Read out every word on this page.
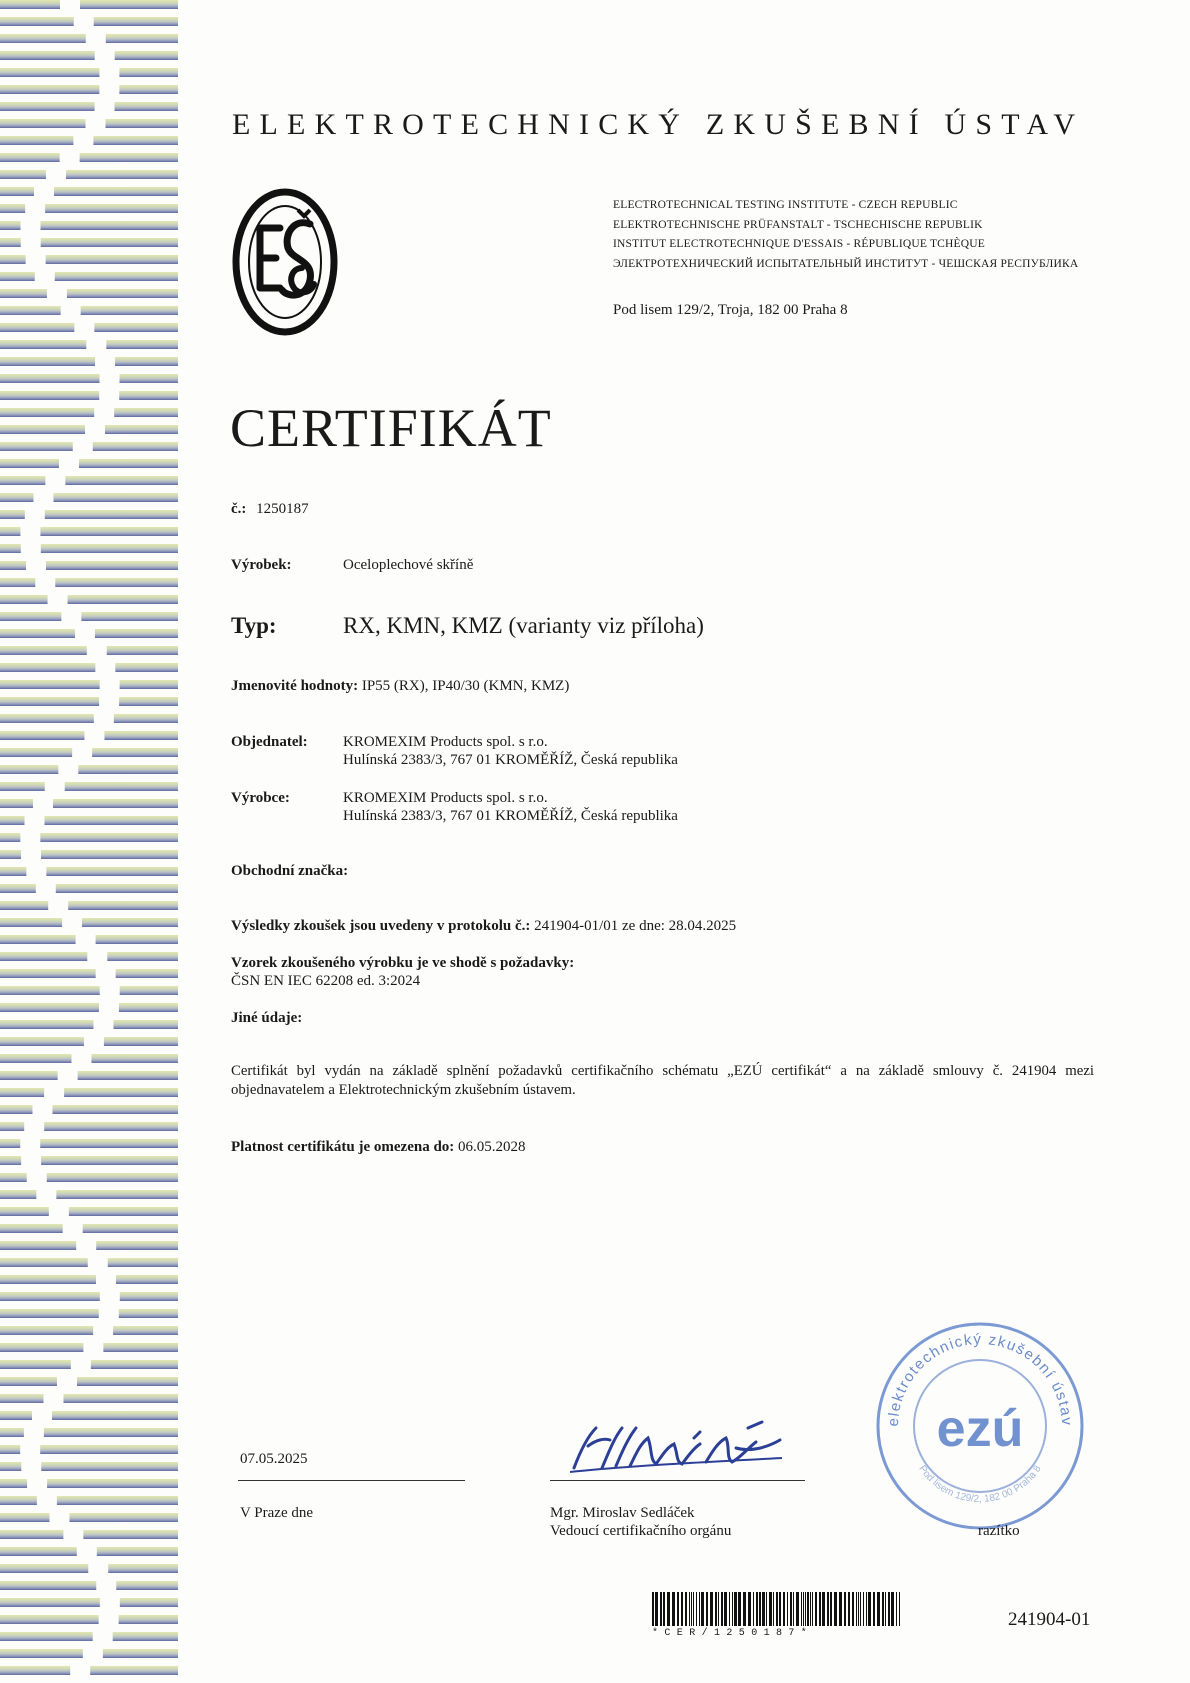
ELEKTROTECHNICKÝ ZKUŠEBNÍ ÚSTAV
ELECTROTECHNICAL TESTING INSTITUTE - CZECH REPUBLIC
ELEKTROTECHNISCHE PRÜFANSTALT - TSCHECHISCHE REPUBLIK
INSTITUT ELECTROTECHNIQUE D'ESSAIS - RÉPUBLIQUE TCHÈQUE
ЭЛЕКТРОТЕХНИЧЕСКИЙ ИСПЫТАТЕЛЬНЫЙ ИНСТИТУТ - ЧЕШСКАЯ РЕСПУБЛИКА
Pod lisem 129/2, Troja, 182 00 Praha 8
CERTIFIKÁT
č.: 1250187
Výrobek:	Oceloplechové skříně
Typ:	RX, KMN, KMZ (varianty viz příloha)
Jmenovité hodnoty: IP55 (RX), IP40/30 (KMN, KMZ)
Objednatel: KROMEXIM Products spol. s r.o.
Hulínská 2383/3, 767 01 KROMĚŘÍŽ, Česká republika
Výrobce:	KROMEXIM Products spol. s r.o.
Hulínská 2383/3, 767 01 KROMĚŘÍŽ, Česká republika
Obchodní značka:
Výsledky zkoušek jsou uvedeny v protokolu č.: 241904-01/01 ze dne: 28.04.2025
Vzorek zkoušeného výrobku je ve shodě s požadavky:
ČSN EN IEC 62208 ed. 3:2024
Jiné údaje:
Certifikát byl vydán na základě splnění požadavků certifikačního schématu „EZÚ certifikát“ a na základě smlouvy č. 241904 mezi objednavatelem a Elektrotechnickým zkušebním ústavem.
Platnost certifikátu je omezena do: 06.05.2028
07.05.2025
V Praze dne	Mgr. Miroslav Sedláček
Vedoucí certifikačního orgánu
elektrotechnický zkušební ústav
Pod lisem 129/2, 182 00 Praha 8
ezú
razítko
*CER/1250187*
241904-01
